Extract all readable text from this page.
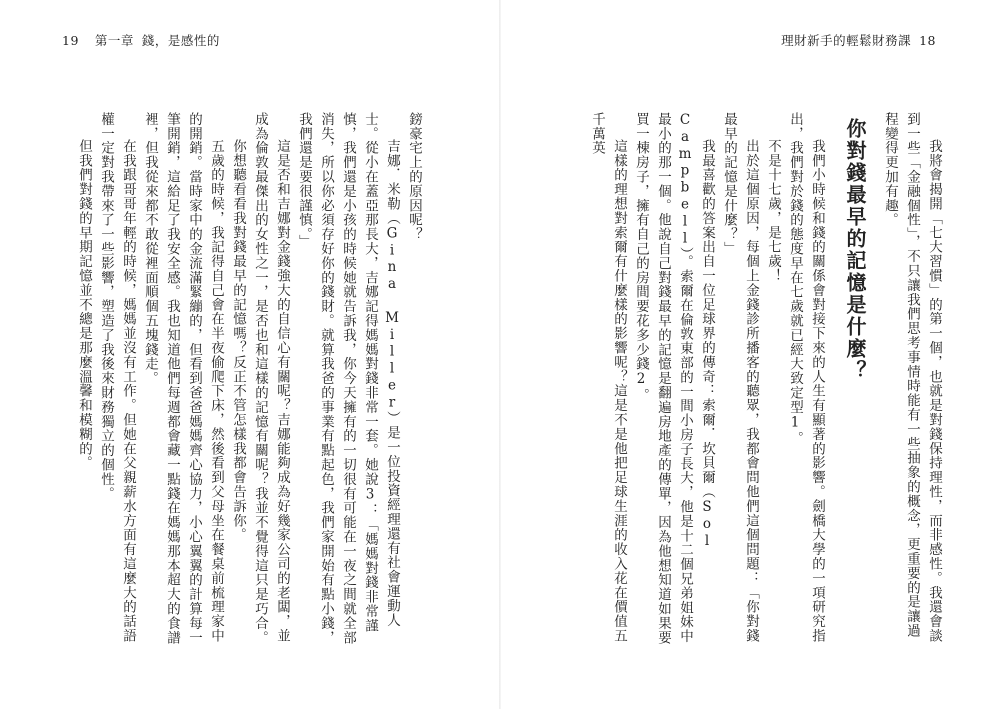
19 第一章 錢，是感性的

鎊豪宅上的原因呢？

吉娜．米勒（Gina Miller）是一位投資經理還有社會運動人士。從小在蓋亞那長大，吉娜記得媽媽對錢非常一套。她說3：「媽媽對錢非常謹慎，我們還是小孩的時候她就告訴我，你今天擁有的一切很有可能在一夜之間就全部消失，所以你必須存好你的錢財。就算我爸的事業有點起色，我們家開始有點小錢，我們還是要很謹慎。」

這是否和吉娜對金錢強大的自信心有關呢？吉娜能夠成為好幾家公司的老闆，並成為倫敦最傑出的女性之一，是否也和這樣的記憶有關呢？我並不覺得這只是巧合。

你想聽看看我對錢最早的記憶嗎？反正不管怎樣我都會告訴你。

五歲的時候，我記得自己會在半夜偷爬下床，然後看到父母坐在餐桌前梳理家中的開銷。當時家中的金流滿緊繃的，但看到爸爸媽媽齊心協力，小心翼翼的計算每一筆開銷，這給足了我安全感。我也知道他們每週都會藏一點錢在媽媽那本超大的食譜裡，但我從來都不敢從裡面順個五塊錢走。

在我跟哥哥年輕的時候，媽媽並沒有工作。但她在父親薪水方面有這麼大的話語權一定對我帶來了一些影響，塑造了我後來財務獨立的個性。

但我們對錢的早期記憶並不總是那麼溫馨和模糊的。

理財新手的輕鬆財務課 18

我將會揭開「七大習慣」的第一個，也就是對錢保持理性，而非感性。我還會談到一些「金融個性」，不只讓我們思考事情時能有一些抽象的概念，更重要的是讓過程變得更加有趣。

你對錢最早的記憶是什麼？

我們小時候和錢的關係會對接下來的人生有顯著的影響。劍橋大學的一項研究指出，我們對於錢的態度早在七歲就已經大致定型1。

不是十七歲，是七歲！

出於這個原因，每個上金錢診所播客的聽眾，我都會問他們這個問題：「你對錢最早的記憶是什麼？」

我最喜歡的答案出自一位足球界的傳奇：索爾．坎貝爾（Sol Campbell）。索爾在倫敦東部的一間小房子長大，他是十二個兄弟姐妹中最小的那一個。他說自己對錢最早的記憶是翻遍房地產的傳單，因為他想知道如果要買一棟房子，擁有自己的房間要花多少錢2。

這樣的理想對索爾有什麼樣的影響呢？這是不是他把足球生涯的收入花在價值五千萬英
